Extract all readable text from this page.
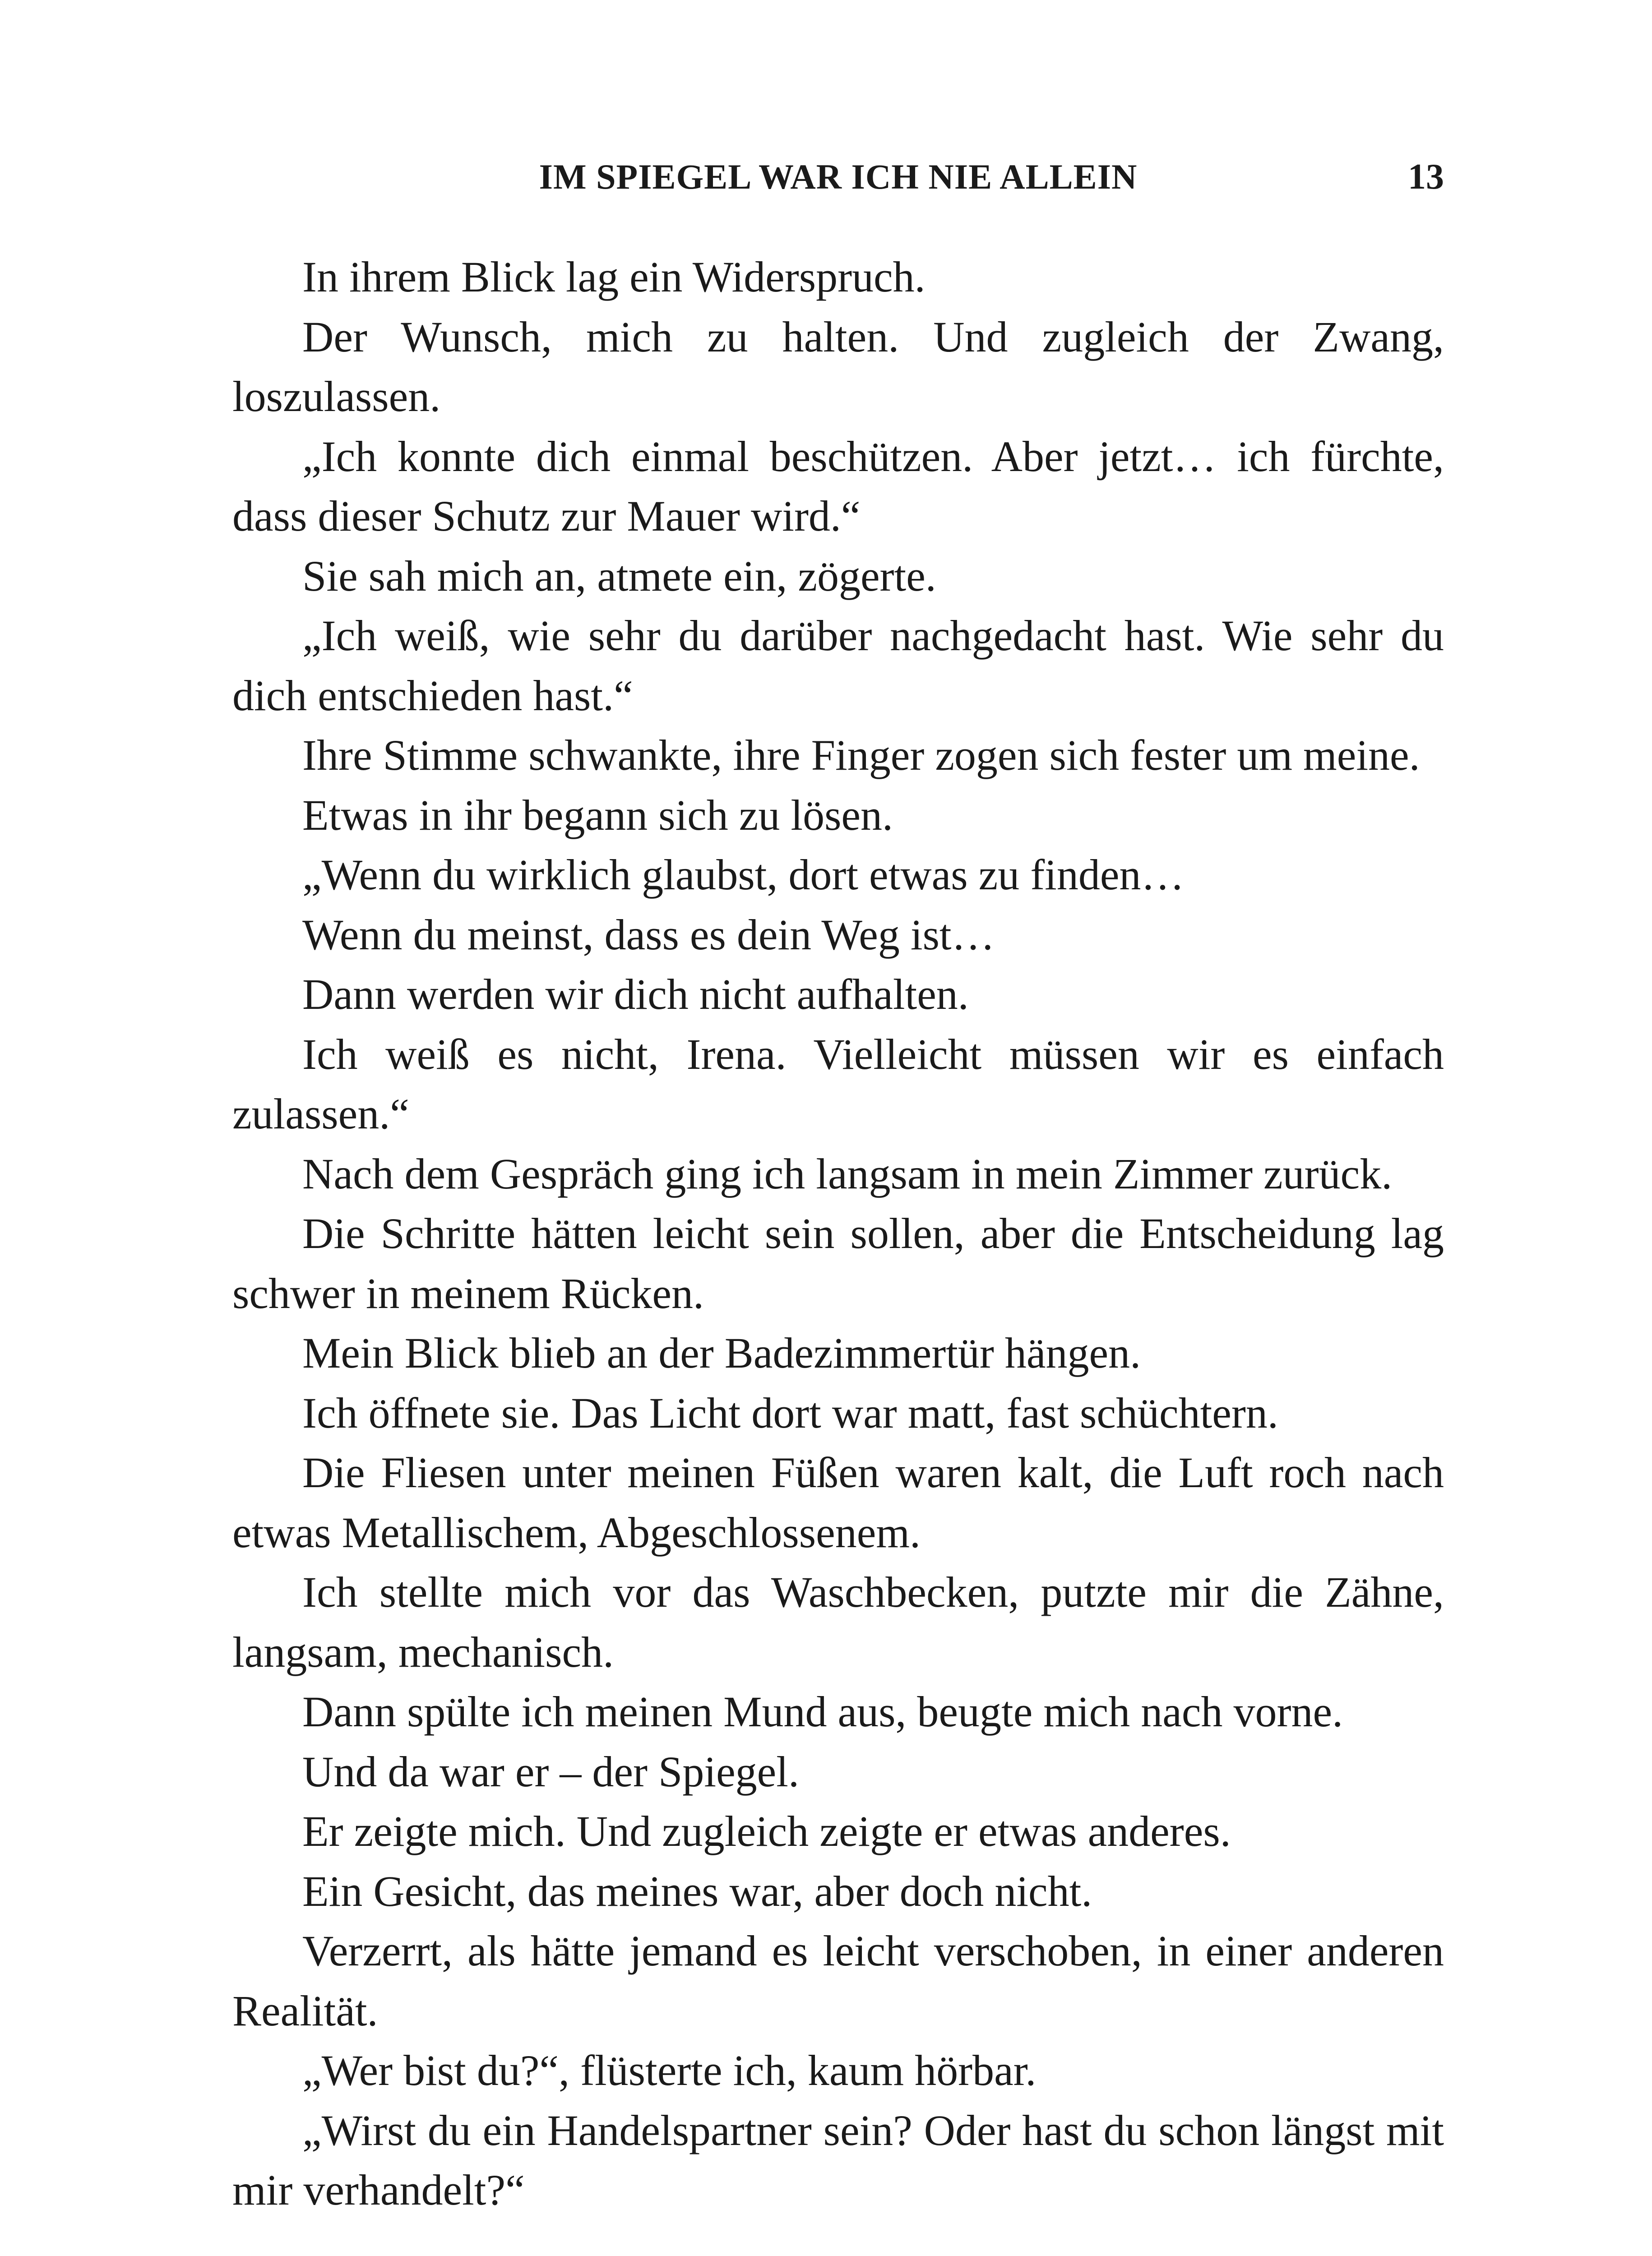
IM SPIEGEL WAR ICH NIE ALLEIN	13

In ihrem Blick lag ein Widerspruch.

Der Wunsch, mich zu halten. Und zugleich der Zwang, loszulassen.

„Ich konnte dich einmal beschützen. Aber jetzt… ich fürchte, dass dieser Schutz zur Mauer wird.“

Sie sah mich an, atmete ein, zögerte.

„Ich weiß, wie sehr du darüber nachgedacht hast. Wie sehr du dich entschieden hast.“

Ihre Stimme schwankte, ihre Finger zogen sich fester um meine.

Etwas in ihr begann sich zu lösen.

„Wenn du wirklich glaubst, dort etwas zu finden…

Wenn du meinst, dass es dein Weg ist…

Dann werden wir dich nicht aufhalten.

Ich weiß es nicht, Irena. Vielleicht müssen wir es einfach zulassen.“

Nach dem Gespräch ging ich langsam in mein Zimmer zurück.

Die Schritte hätten leicht sein sollen, aber die Entscheidung lag schwer in meinem Rücken.

Mein Blick blieb an der Badezimmertür hängen.

Ich öffnete sie. Das Licht dort war matt, fast schüchtern.

Die Fliesen unter meinen Füßen waren kalt, die Luft roch nach etwas Metallischem, Abgeschlossenem.

Ich stellte mich vor das Waschbecken, putzte mir die Zähne, langsam, mechanisch.

Dann spülte ich meinen Mund aus, beugte mich nach vorne.

Und da war er – der Spiegel.

Er zeigte mich. Und zugleich zeigte er etwas anderes.

Ein Gesicht, das meines war, aber doch nicht.

Verzerrt, als hätte jemand es leicht verschoben, in einer anderen Realität.

„Wer bist du?“, flüsterte ich, kaum hörbar.

„Wirst du ein Handelspartner sein? Oder hast du schon längst mit mir verhandelt?“
